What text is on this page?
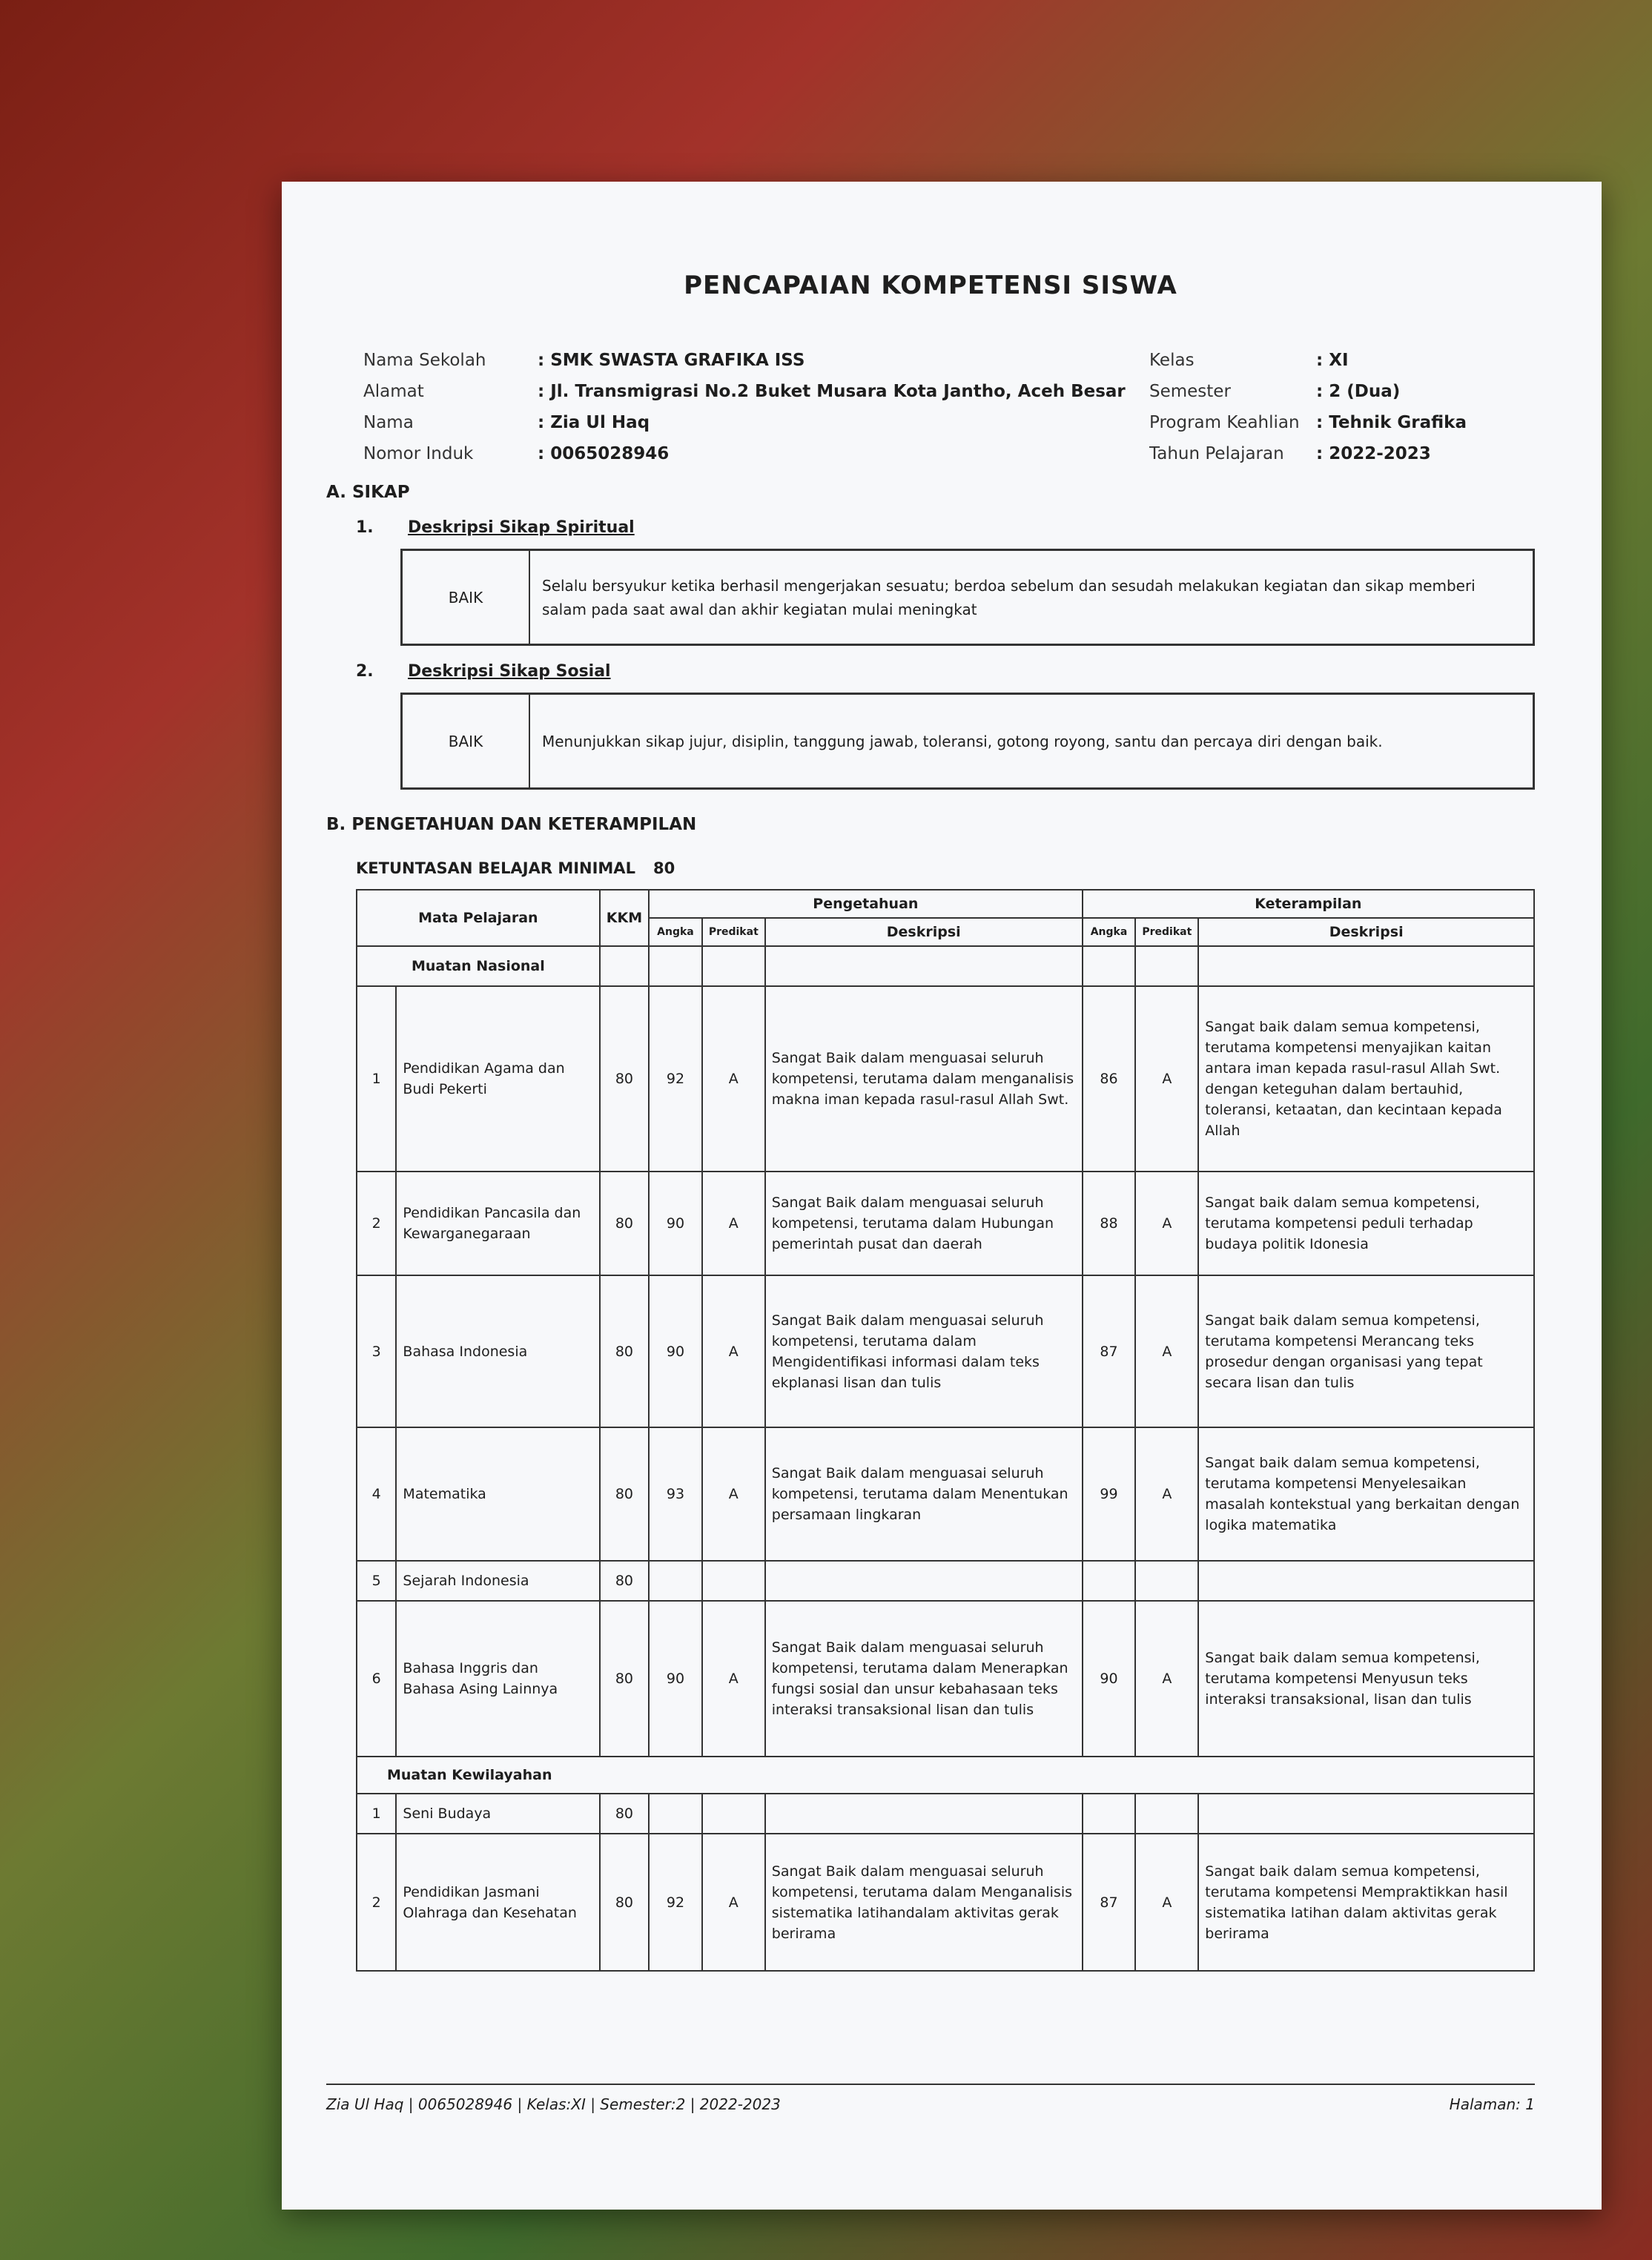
PENCAPAIAN KOMPETENSI SISWA
Nama Sekolah	: SMK SWASTA GRAFIKA ISS
Alamat	: Jl. Transmigrasi No.2 Buket Musara Kota Jantho, Aceh Besar
Nama	: Zia Ul Haq
Nomor Induk	: 0065028946
Kelas	: XI
Semester	: 2 (Dua)
Program Keahlian : Tehnik Grafika
Tahun Pelajaran	: 2022-2023
A. SIKAP
1.	Deskripsi Sikap Spiritual
BAIK
Selalu bersyukur ketika berhasil mengerjakan sesuatu; berdoa sebelum dan sesudah melakukan kegiatan dan sikap memberi salam pada saat awal dan akhir kegiatan mulai meningkat
2.	Deskripsi Sikap Sosial
BAIK	Menunjukkan sikap jujur, disiplin, tanggung jawab, toleransi, gotong royong, santu dan percaya diri dengan baik.
B. PENGETAHUAN DAN KETERAMPILAN
KETUNTASAN BELAJAR MINIMAL 80
Mata Pelajaran		KKM	Pengetahuan			Keterampilan		
			Angka	Predikat	Deskripsi	Angka	Predikat	Deskripsi
Muatan Nasional								
1	Pendidikan Agama dan Budi Pekerti	80	92	A	Sangat Baik dalam menguasai seluruh kompetensi, terutama dalam menganalisis makna iman kepada rasul-rasul Allah Swt.	86	A	Sangat baik dalam semua kompetensi, terutama kompetensi menyajikan kaitan antara iman kepada rasul-rasul Allah Swt. dengan keteguhan dalam bertauhid, toleransi, ketaatan, dan kecintaan kepada Allah
2	Pendidikan Pancasila dan Kewarganegaraan	80	90	A	Sangat Baik dalam menguasai seluruh kompetensi, terutama dalam Hubungan pemerintah pusat dan daerah	88	A	Sangat baik dalam semua kompetensi, terutama kompetensi peduli terhadap budaya politik Idonesia
3	Bahasa Indonesia	80	90	A	Sangat Baik dalam menguasai seluruh kompetensi, terutama dalam Mengidentifikasi informasi dalam teks ekplanasi lisan dan tulis	87	A	Sangat baik dalam semua kompetensi, terutama kompetensi Merancang teks prosedur dengan organisasi yang tepat secara lisan dan tulis
4	Matematika	80	93	A	Sangat Baik dalam menguasai seluruh kompetensi, terutama dalam Menentukan persamaan lingkaran	99	A	Sangat baik dalam semua kompetensi, terutama kompetensi Menyelesaikan masalah kontekstual yang berkaitan dengan logika matematika
5	Sejarah Indonesia	80						
6	Bahasa Inggris dan Bahasa Asing Lainnya	80	90	A	Sangat Baik dalam menguasai seluruh kompetensi, terutama dalam Menerapkan fungsi sosial dan unsur kebahasaan teks interaksi transaksional lisan dan tulis	90	A	Sangat baik dalam semua kompetensi, terutama kompetensi Menyusun teks interaksi transaksional, lisan dan tulis
Muatan Kewilayahan								
1	Seni Budaya	80						
2	Pendidikan Jasmani Olahraga dan Kesehatan	80	92	A	Sangat Baik dalam menguasai seluruh kompetensi, terutama dalam Menganalisis sistematika latihandalam aktivitas gerak berirama	87	A	Sangat baik dalam semua kompetensi, terutama kompetensi Mempraktikkan hasil sistematika latihan dalam aktivitas gerak berirama
Zia Ul Haq | 0065028946 | Kelas:XI | Semester:2 | 2022-2023	Halaman: 1
